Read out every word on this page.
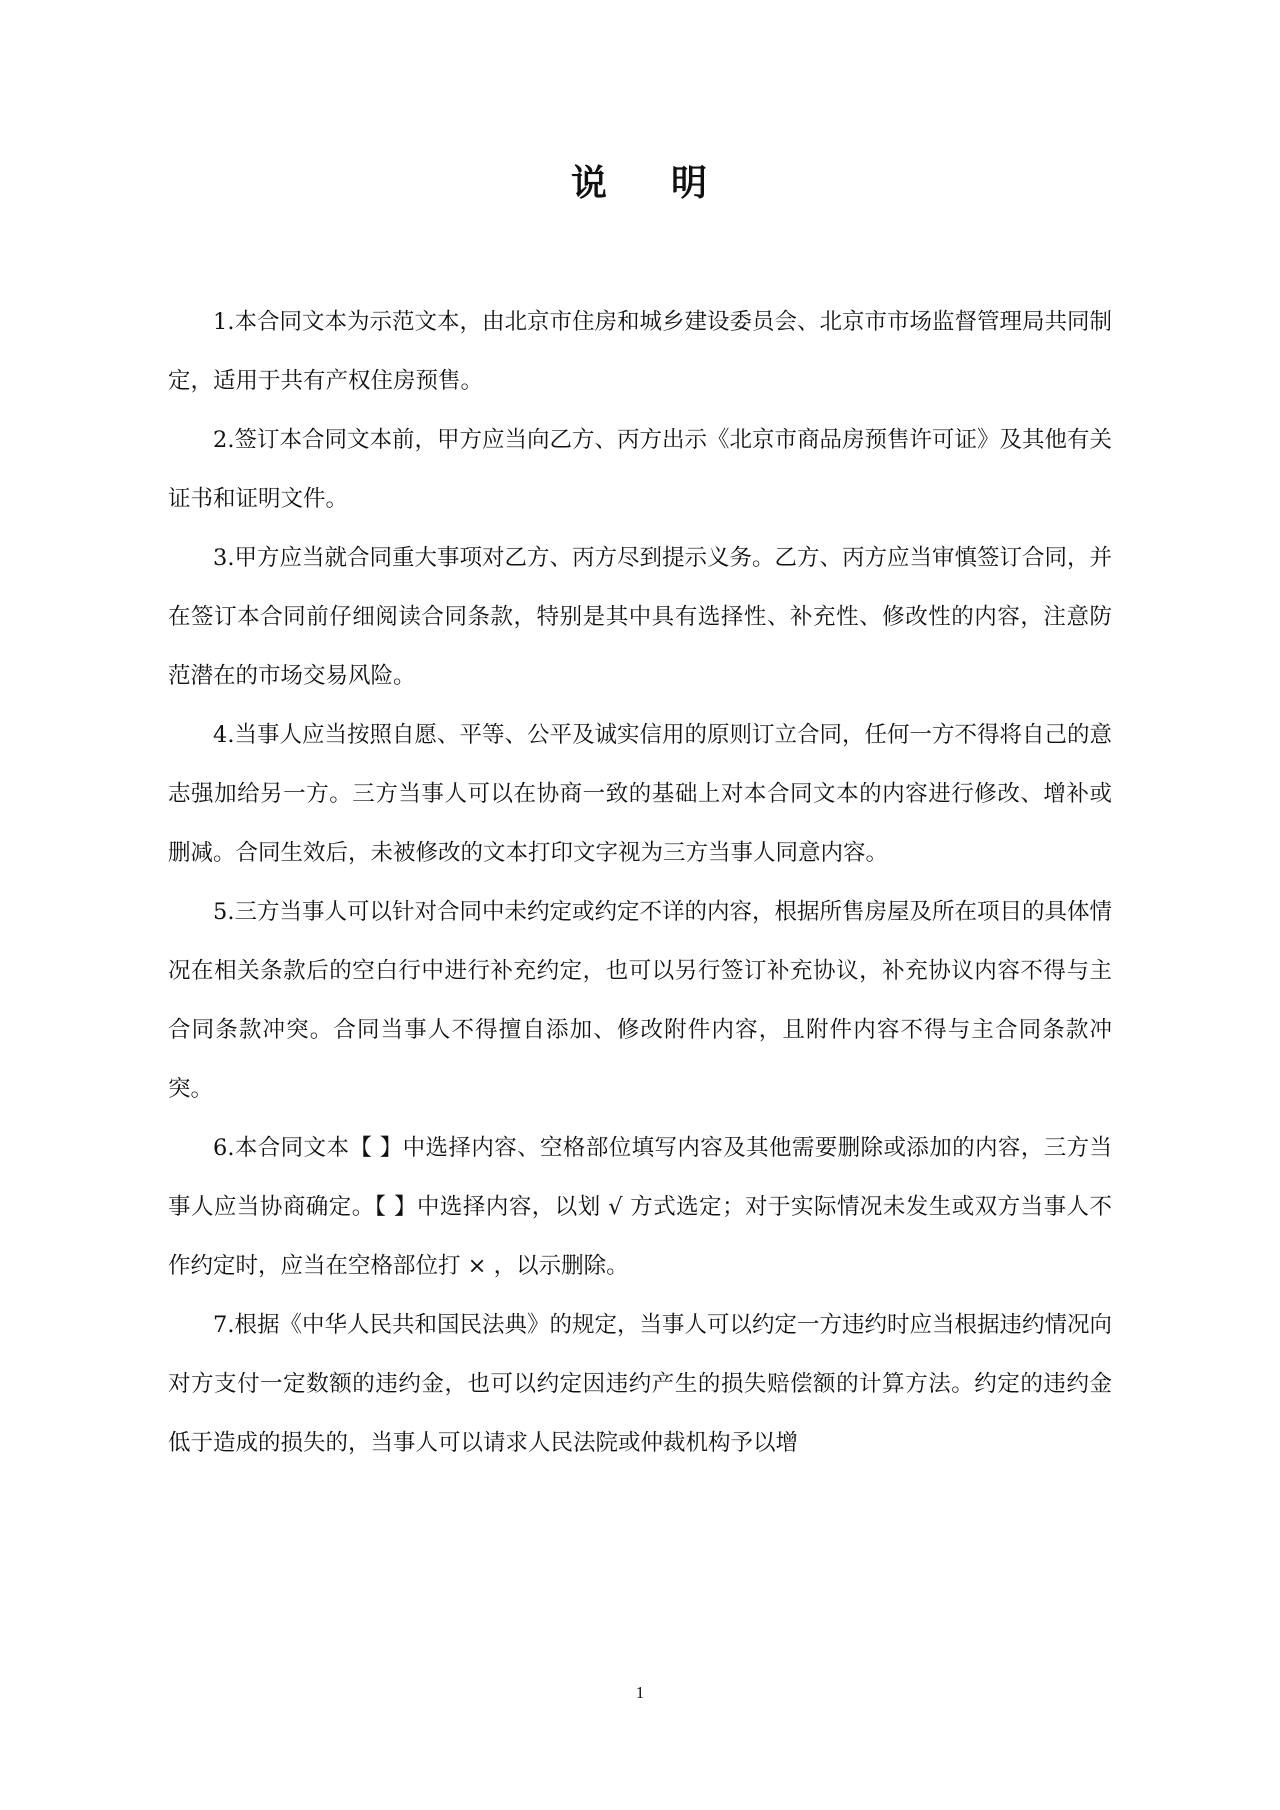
说 明

1.本合同文本为示范文本，由北京市住房和城乡建设委员会、北京市市场监督管理局共同制定，适用于共有产权住房预售。

2.签订本合同文本前，甲方应当向乙方、丙方出示《北京市商品房预售许可证》及其他有关证书和证明文件。

3.甲方应当就合同重大事项对乙方、丙方尽到提示义务。乙方、丙方应当审慎签订合同，并在签订本合同前仔细阅读合同条款，特别是其中具有选择性、补充性、修改性的内容，注意防范潜在的市场交易风险。

4.当事人应当按照自愿、平等、公平及诚实信用的原则订立合同，任何一方不得将自己的意志强加给另一方。三方当事人可以在协商一致的基础上对本合同文本的内容进行修改、增补或删减。合同生效后，未被修改的文本打印文字视为三方当事人同意内容。

5.三方当事人可以针对合同中未约定或约定不详的内容，根据所售房屋及所在项目的具体情况在相关条款后的空白行中进行补充约定，也可以另行签订补充协议，补充协议内容不得与主合同条款冲突。合同当事人不得擅自添加、修改附件内容，且附件内容不得与主合同条款冲突。

6.本合同文本【 】中选择内容、空格部位填写内容及其他需要删除或添加的内容，三方当事人应当协商确定。【 】中选择内容，以划 √ 方式选定；对于实际情况未发生或双方当事人不作约定时，应当在空格部位打 × ，以示删除。

7.根据《中华人民共和国民法典》的规定，当事人可以约定一方违约时应当根据违约情况向对方支付一定数额的违约金，也可以约定因违约产生的损失赔偿额的计算方法。约定的违约金低于造成的损失的，当事人可以请求人民法院或仲裁机构予以增

1
